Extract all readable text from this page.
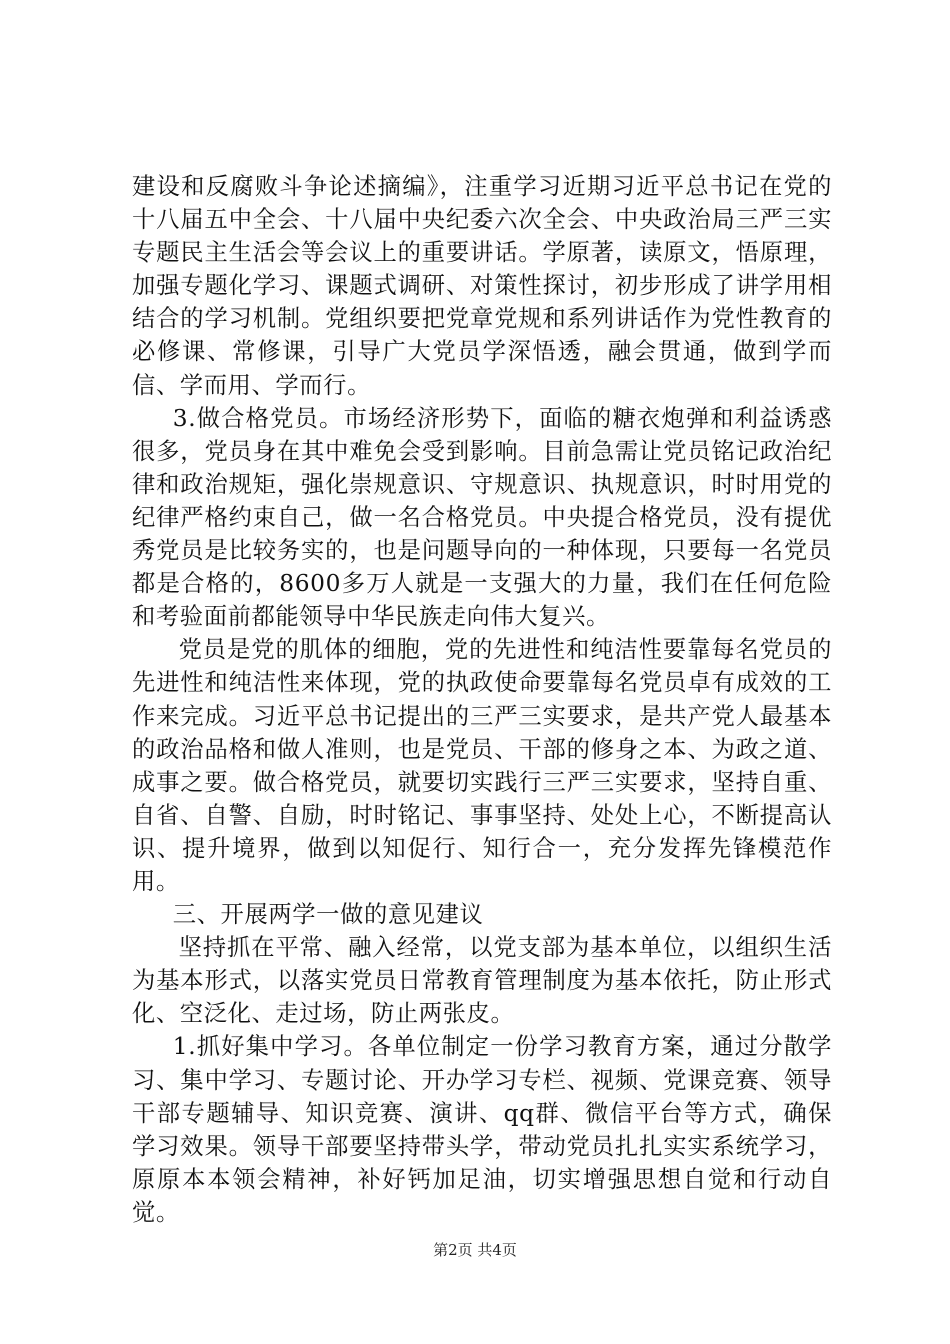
建设和反腐败斗争论述摘编》，注重学习近期习近平总书记在党的十八届五中全会、十八届中央纪委六次全会、中央政治局三严三实专题民主生活会等会议上的重要讲话。学原著，读原文，悟原理，加强专题化学习、课题式调研、对策性探讨，初步形成了讲学用相结合的学习机制。党组织要把党章党规和系列讲话作为党性教育的必修课、常修课，引导广大党员学深悟透，融会贯通，做到学而信、学而用、学而行。

3.做合格党员。市场经济形势下，面临的糖衣炮弹和利益诱惑很多，党员身在其中难免会受到影响。目前急需让党员铭记政治纪律和政治规矩，强化崇规意识、守规意识、执规意识，时时用党的纪律严格约束自己，做一名合格党员。中央提合格党员，没有提优秀党员是比较务实的，也是问题导向的一种体现，只要每一名党员都是合格的，8600多万人就是一支强大的力量，我们在任何危险和考验面前都能领导中华民族走向伟大复兴。

党员是党的肌体的细胞，党的先进性和纯洁性要靠每名党员的先进性和纯洁性来体现，党的执政使命要靠每名党员卓有成效的工作来完成。习近平总书记提出的三严三实要求，是共产党人最基本的政治品格和做人准则，也是党员、干部的修身之本、为政之道、成事之要。做合格党员，就要切实践行三严三实要求，坚持自重、自省、自警、自励，时时铭记、事事坚持、处处上心，不断提高认识、提升境界，做到以知促行、知行合一，充分发挥先锋模范作用。

三、开展两学一做的意见建议

坚持抓在平常、融入经常，以党支部为基本单位，以组织生活为基本形式，以落实党员日常教育管理制度为基本依托，防止形式化、空泛化、走过场，防止两张皮。

1.抓好集中学习。各单位制定一份学习教育方案，通过分散学习、集中学习、专题讨论、开办学习专栏、视频、党课竞赛、领导干部专题辅导、知识竞赛、演讲、qq群、微信平台等方式，确保学习效果。领导干部要坚持带头学，带动党员扎扎实实系统学习，原原本本领会精神，补好钙加足油，切实增强思想自觉和行动自觉。

第2页 共4页
